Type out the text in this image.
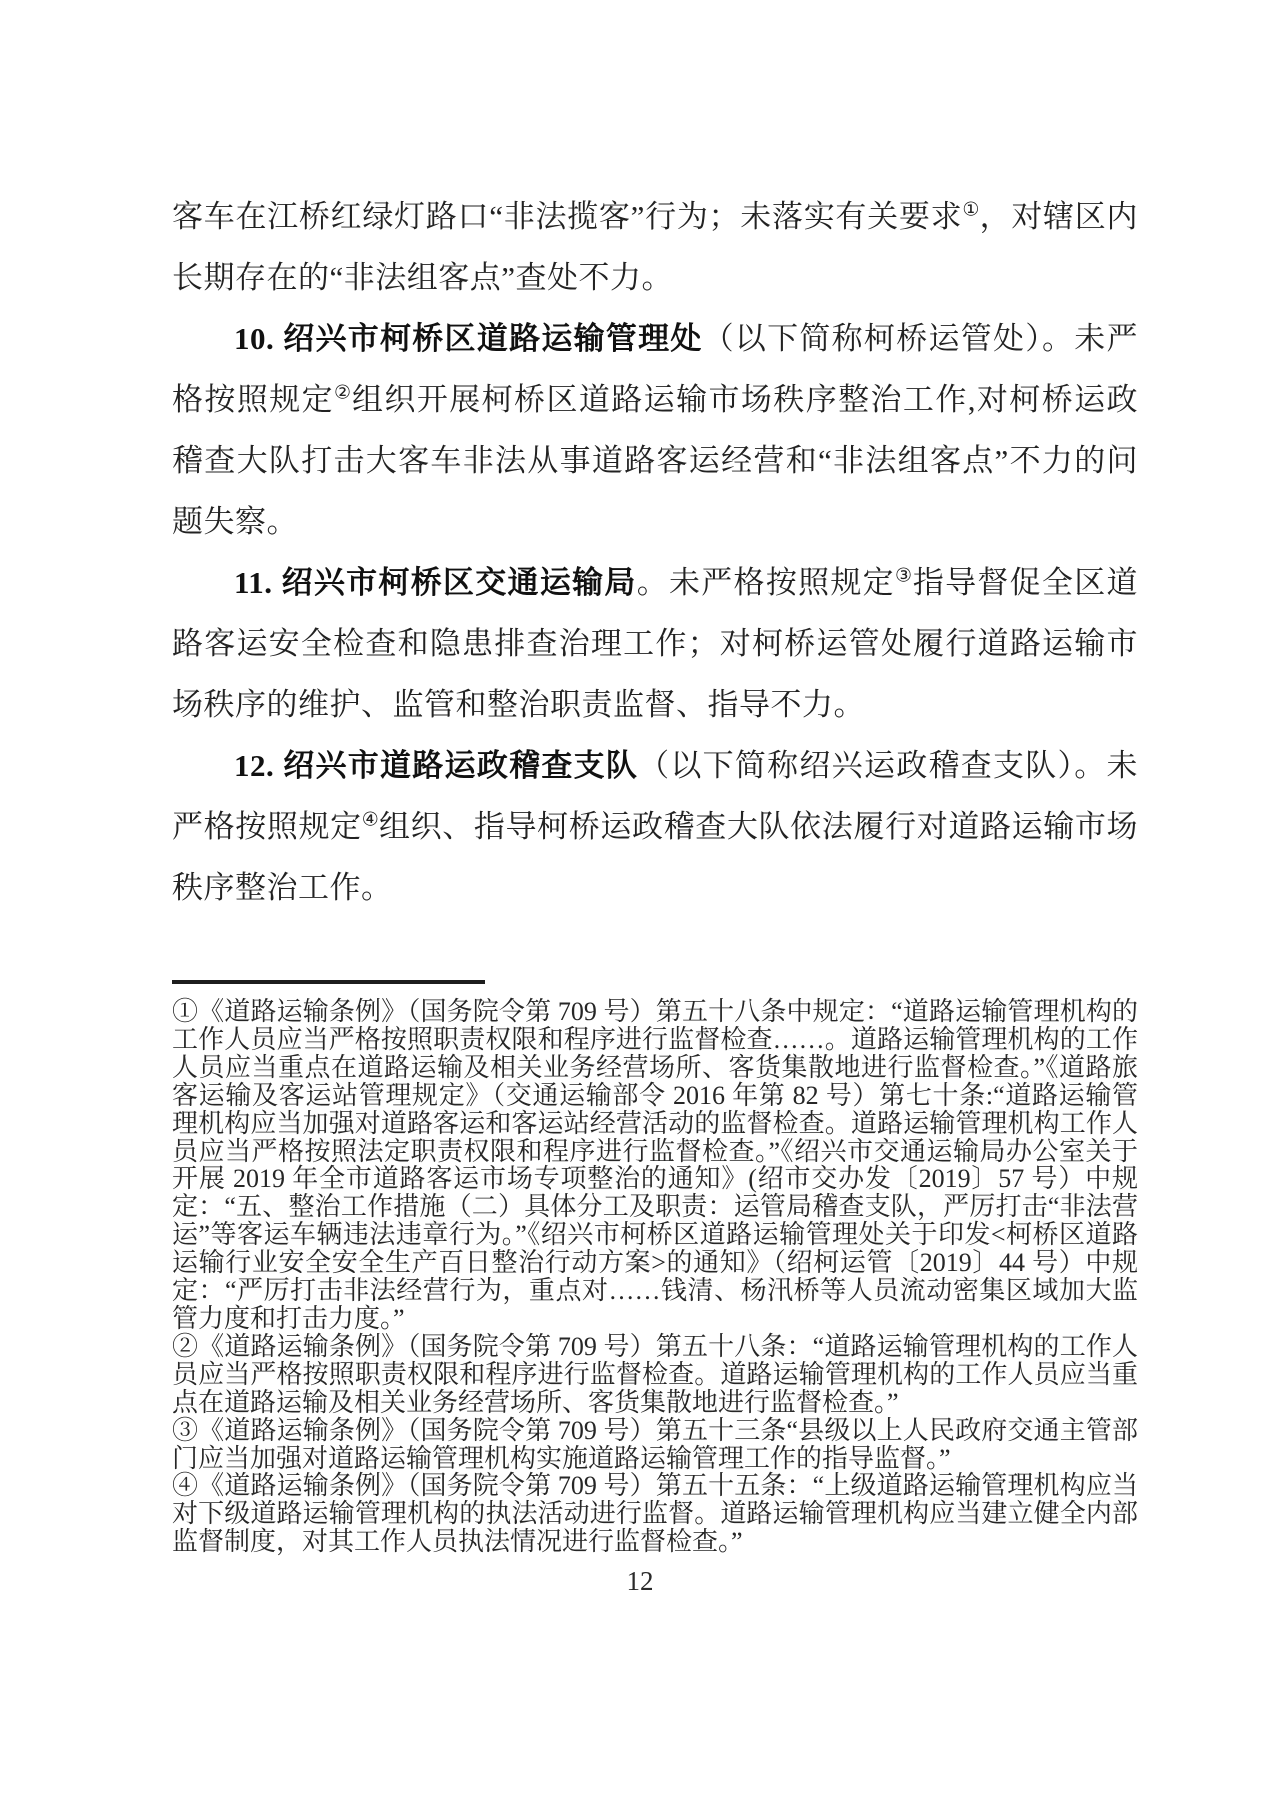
客车在江桥红绿灯路口“非法揽客”行为；未落实有关要求①，对辖区内长期存在的“非法组客点”查处不力。

10. 绍兴市柯桥区道路运输管理处（以下简称柯桥运管处）。未严格按照规定②组织开展柯桥区道路运输市场秩序整治工作,对柯桥运政稽查大队打击大客车非法从事道路客运经营和“非法组客点”不力的问题失察。

11. 绍兴市柯桥区交通运输局。未严格按照规定③指导督促全区道路客运安全检查和隐患排查治理工作；对柯桥运管处履行道路运输市场秩序的维护、监管和整治职责监督、指导不力。

12. 绍兴市道路运政稽查支队（以下简称绍兴运政稽查支队）。未严格按照规定④组织、指导柯桥运政稽查大队依法履行对道路运输市场秩序整治工作。

①《道路运输条例》（国务院令第 709 号）第五十八条中规定：“道路运输管理机构的工作人员应当严格按照职责权限和程序进行监督检查……。道路运输管理机构的工作人员应当重点在道路运输及相关业务经营场所、客货集散地进行监督检查。”《道路旅客运输及客运站管理规定》（交通运输部令 2016 年第 82 号）第七十条:“道路运输管理机构应当加强对道路客运和客运站经营活动的监督检查。道路运输管理机构工作人员应当严格按照法定职责权限和程序进行监督检查。”《绍兴市交通运输局办公室关于开展 2019 年全市道路客运市场专项整治的通知》(绍市交办发〔2019〕57 号）中规定：“五、整治工作措施（二）具体分工及职责：运管局稽查支队，严厉打击“非法营运”等客运车辆违法违章行为。”《绍兴市柯桥区道路运输管理处关于印发<柯桥区道路运输行业安全安全生产百日整治行动方案>的通知》（绍柯运管〔2019〕44 号）中规定：“严厉打击非法经营行为，重点对……钱清、杨汛桥等人员流动密集区域加大监管力度和打击力度。”

②《道路运输条例》（国务院令第 709 号）第五十八条：“道路运输管理机构的工作人员应当严格按照职责权限和程序进行监督检查。道路运输管理机构的工作人员应当重点在道路运输及相关业务经营场所、客货集散地进行监督检查。”

③《道路运输条例》（国务院令第 709 号）第五十三条“县级以上人民政府交通主管部门应当加强对道路运输管理机构实施道路运输管理工作的指导监督。”

④《道路运输条例》（国务院令第 709 号）第五十五条：“上级道路运输管理机构应当对下级道路运输管理机构的执法活动进行监督。道路运输管理机构应当建立健全内部监督制度，对其工作人员执法情况进行监督检查。”

12
